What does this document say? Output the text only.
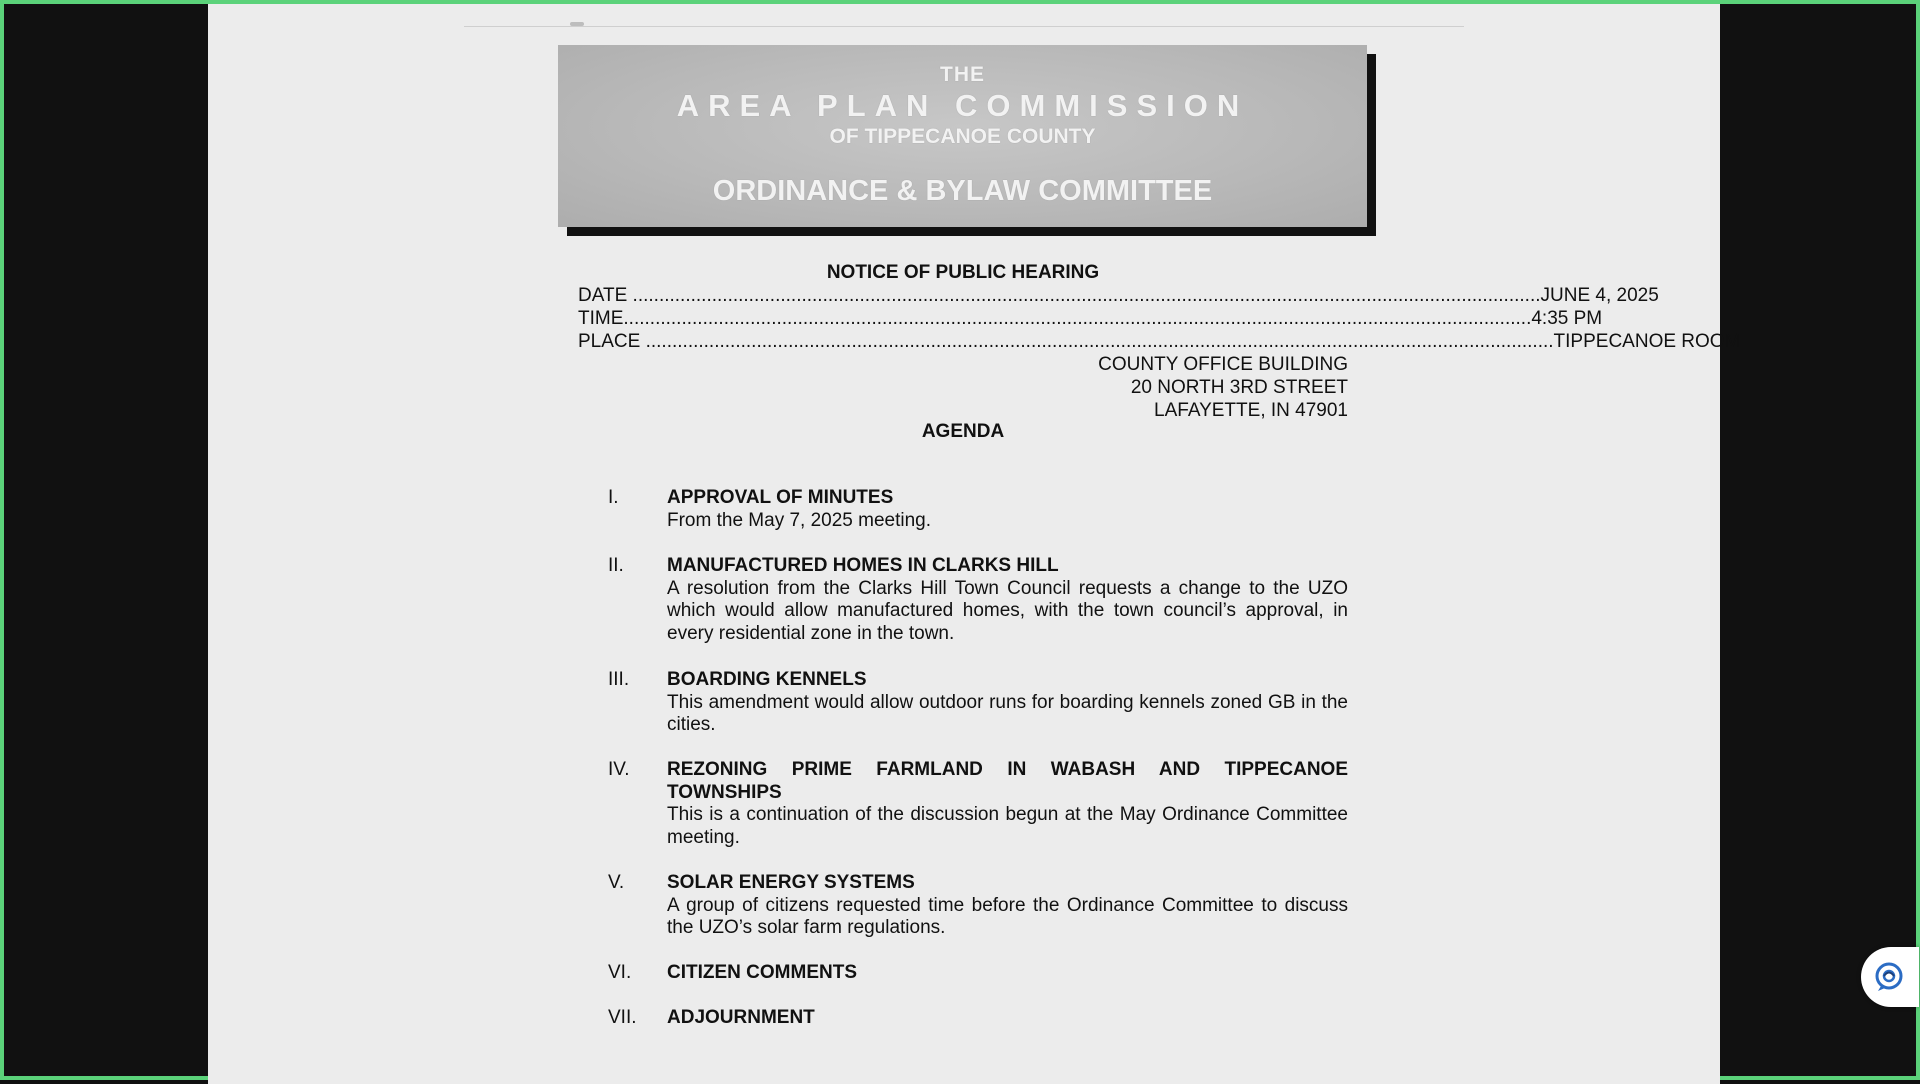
THE
AREA PLAN COMMISSION
OF TIPPECANOE COUNTY
ORDINANCE & BYLAW COMMITTEE
NOTICE OF PUBLIC HEARING
DATE ............................................................................................................................................................................ JUNE 4, 2025
TIME ............................................................................................................................................................................ 4:35 PM
PLACE ............................................................................................................................................................................ TIPPECANOE ROOM
COUNTY OFFICE BUILDING
20 NORTH 3RD STREET
LAFAYETTE, IN 47901
AGENDA
I.	APPROVAL OF MINUTES
From the May 7, 2025 meeting.
II. MANUFACTURED HOMES IN CLARKS HILL
A resolution from the Clarks Hill Town Council requests a change to the UZO which would allow manufactured homes, with the town council’s approval, in every residential zone in the town.
III. BOARDING KENNELS
This amendment would allow outdoor runs for boarding kennels zoned GB in the cities.
IV. REZONING PRIME FARMLAND IN WABASH AND TIPPECANOE TOWNSHIPS
This is a continuation of the discussion begun at the May Ordinance Committee meeting.
V. SOLAR ENERGY SYSTEMS
A group of citizens requested time before the Ordinance Committee to discuss the UZO’s solar farm regulations.
VI. CITIZEN COMMENTS
VII. ADJOURNMENT
